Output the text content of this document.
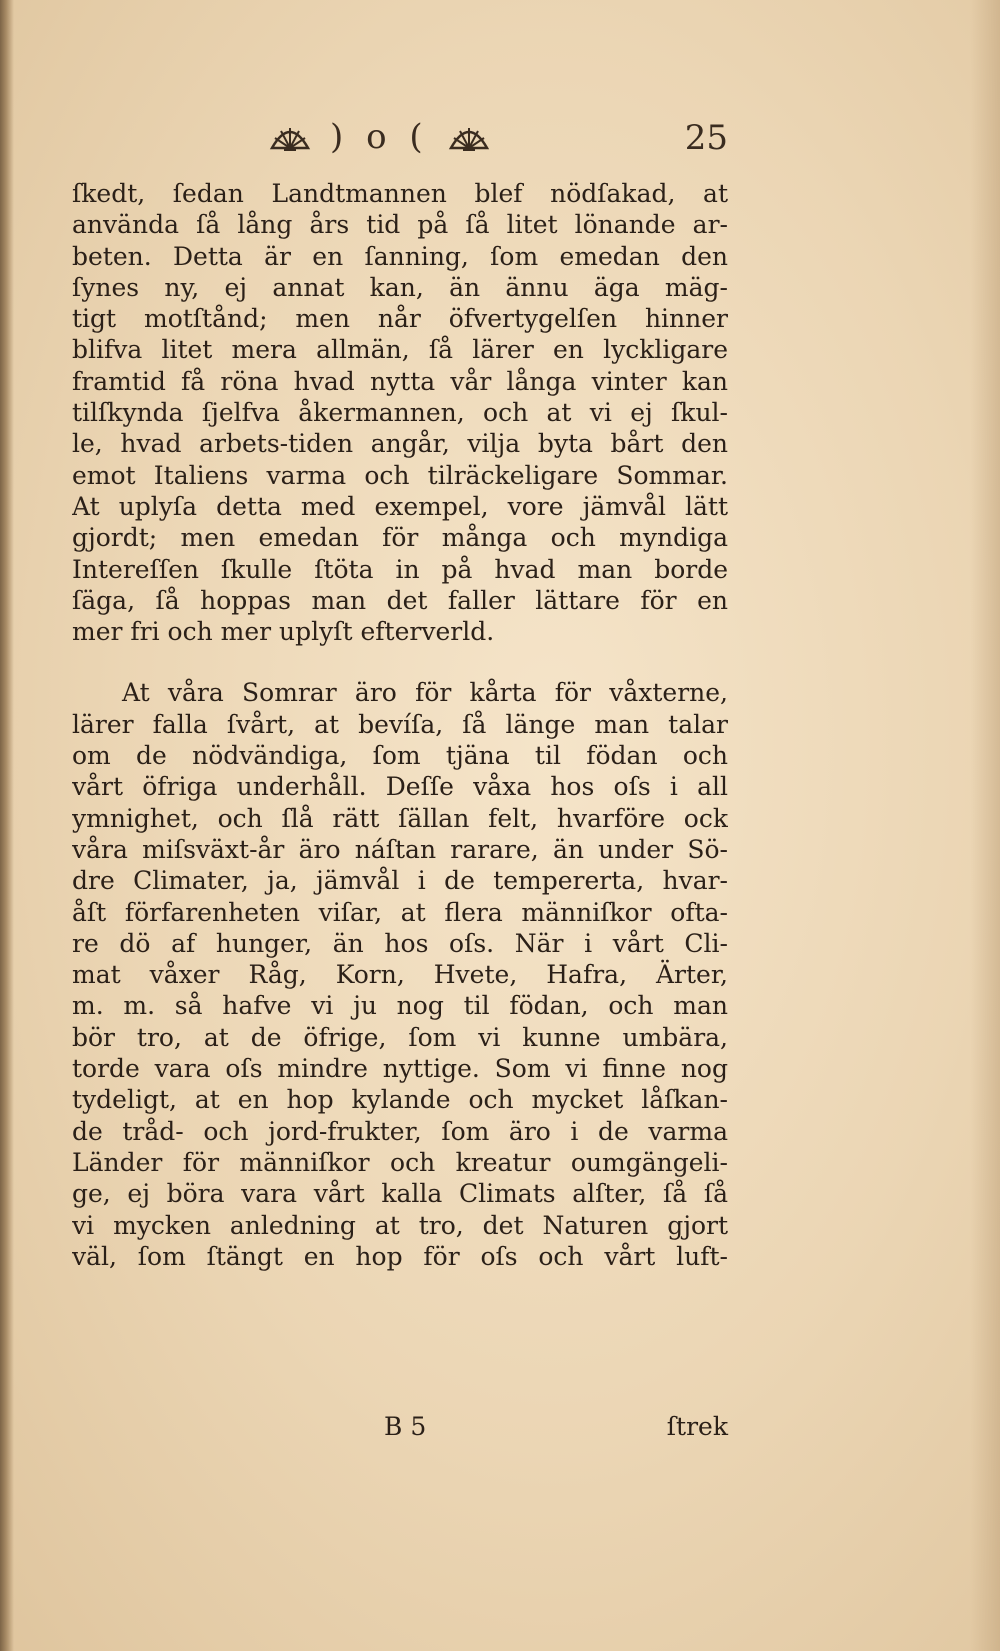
) o (	25
ſkedt, ſedan Landtmannen blef nödſakad, at
använda ſå lång års tid på ſå litet lönande ar-
beten. Detta är en ſanning, ſom emedan den
ſynes ny, ej annat kan, än ännu äga mäg-
tigt motſtånd; men når öfvertygelſen hinner
blifva litet mera allmän, ſå lärer en lyckligare
framtid få röna hvad nytta vår långa vinter kan
tilſkynda ſjelfva åkermannen, och at vi ej ſkul-
le, hvad arbets-tiden angår, vilja byta bårt den
emot Italiens varma och tilräckeligare Sommar.
At uplyſa detta med exempel, vore jämvål lätt
gjordt; men emedan för många och myndiga
Intereſſen ſkulle ſtöta in på hvad man borde
ſäga, ſå hoppas man det faller lättare för en
mer fri och mer uplyſt efterverld.
At våra Somrar äro för kårta för våxterne,
lärer falla ſvårt, at bevíſa, ſå länge man talar
om de nödvändiga, ſom tjäna til födan och
vårt öfriga underhåll. Deſſe våxa hos oſs i all
ymnighet, och ſlå rätt ſällan felt, hvarföre ock
våra miſsväxt-år äro náſtan rarare, än under Sö-
dre Climater, ja, jämvål i de tempererta, hvar-
åſt förfarenheten viſar, at flera männiſkor ofta-
re dö af hunger, än hos oſs. När i vårt Cli-
mat våxer Råg, Korn, Hvete, Hafra, Ärter,
m. m. så hafve vi ju nog til födan, och man
bör tro, at de öfrige, ſom vi kunne umbära,
torde vara oſs mindre nyttige. Som vi finne nog
tydeligt, at en hop kylande och mycket låſkan-
de tråd- och jord-frukter, ſom äro i de varma
Länder för männiſkor och kreatur oumgängeli-
ge, ej böra vara vårt kalla Climats alſter, ſå ſå
vi mycken anledning at tro, det Naturen gjort
väl, ſom ſtängt en hop för oſs och vårt luft-
B 5	ſtrek
